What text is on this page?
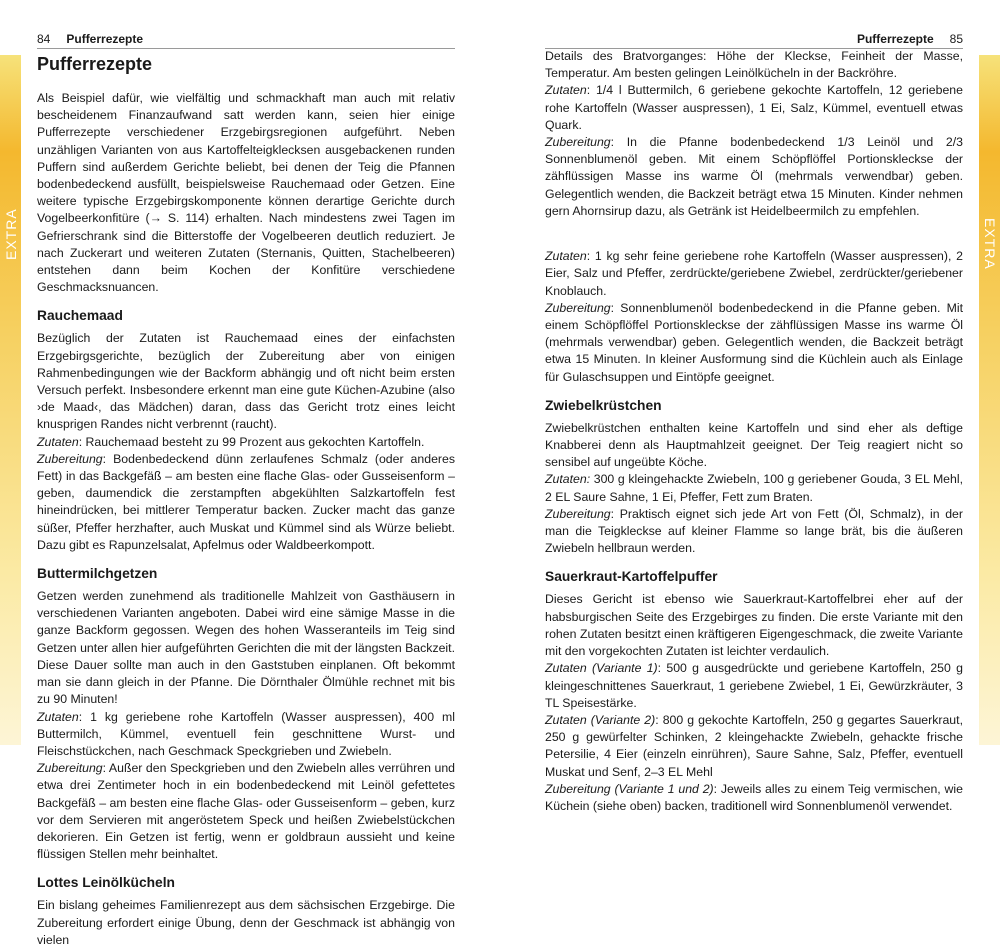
84 Pufferrezepte	Pufferrezepte 85
EXTRA	EXTRA
Pufferrezepte

Als Beispiel dafür, wie vielfältig und schmackhaft man auch mit relativ bescheidenem Finanzaufwand satt werden kann, seien hier einige Pufferrezepte verschiedener Erzgebirgsregionen aufgeführt. Neben unzähligen Varianten von aus Kartoffelteigklecksen ausgebackenen runden Puffern sind außerdem Gerichte beliebt, bei denen der Teig die Pfannen bodenbedeckend ausfüllt, beispielsweise Rauchemaad oder Getzen. Eine weitere typische Erzgebirgskomponente können derartige Gerichte durch Vogelbeerkonfitüre (→ S. 114) erhalten. Nach mindestens zwei Tagen im Gefrierschrank sind die Bitterstoffe der Vogelbeeren deutlich reduziert. Je nach Zuckerart und weiteren Zutaten (Sternanis, Quitten, Stachelbeeren) entstehen dann beim Kochen der Konfitüre verschiedene Geschmacksnuancen.

Rauchemaad

Bezüglich der Zutaten ist Rauchemaad eines der einfachsten Erzgebirgsgerichte, bezüglich der Zubereitung aber von einigen Rahmenbedingungen wie der Backform abhängig und oft nicht beim ersten Versuch perfekt. Insbesondere erkennt man eine gute Küchen-Azubine (also ›de Maad‹, das Mädchen) daran, dass das Gericht trotz eines leicht knusprigen Randes nicht verbrennt (raucht).
Zutaten: Rauchemaad besteht zu 99 Prozent aus gekochten Kartoffeln.
Zubereitung: Bodenbedeckend dünn zerlaufenes Schmalz (oder anderes Fett) in das Backgefäß – am besten eine flache Glas- oder Gusseisenform – geben, daumendick die zerstampften abgekühlten Salzkartoffeln fest hineindrücken, bei mittlerer Temperatur backen. Zucker macht das ganze süßer, Pfeffer herzhafter, auch Muskat und Kümmel sind als Würze beliebt. Dazu gibt es Rapunzelsalat, Apfelmus oder Waldbeerkompott.

Buttermilchgetzen

Getzen werden zunehmend als traditionelle Mahlzeit von Gasthäusern in verschiedenen Varianten angeboten. Dabei wird eine sämige Masse in die ganze Backform gegossen. Wegen des hohen Wasseranteils im Teig sind Getzen unter allen hier aufgeführten Gerichten die mit der längsten Backzeit. Diese Dauer sollte man auch in den Gaststuben einplanen. Oft bekommt man sie dann gleich in der Pfanne. Die Dörnthaler Ölmühle rechnet mit bis zu 90 Minuten!
Zutaten: 1 kg geriebene rohe Kartoffeln (Wasser auspressen), 400 ml Buttermilch, Kümmel, eventuell fein geschnittene Wurst- und Fleischstückchen, nach Geschmack Speckgrieben und Zwiebeln.
Zubereitung: Außer den Speckgrieben und den Zwiebeln alles verrühren und etwa drei Zentimeter hoch in ein bodenbedeckend mit Leinöl gefettetes Backgefäß – am besten eine flache Glas- oder Gusseisenform – geben, kurz vor dem Servieren mit angeröstetem Speck und heißen Zwiebelstückchen dekorieren. Ein Getzen ist fertig, wenn er goldbraun aussieht und keine flüssigen Stellen mehr beinhaltet.

Lottes Leinölkücheln

Ein bislang geheimes Familienrezept aus dem sächsischen Erzgebirge. Die Zubereitung erfordert einige Übung, denn der Geschmack ist abhängig von vielen

Details des Bratvorganges: Höhe der Kleckse, Feinheit der Masse, Temperatur. Am besten gelingen Leinölkücheln in der Backröhre.
Zutaten: 1/4 l Buttermilch, 6 geriebene gekochte Kartoffeln, 12 geriebene rohe Kartoffeln (Wasser auspressen), 1 Ei, Salz, Kümmel, eventuell etwas Quark.
Zubereitung: In die Pfanne bodenbedeckend 1/3 Leinöl und 2/3 Sonnenblumenöl geben. Mit einem Schöpflöffel Portionskleckse der zähflüssigen Masse ins warme Öl (mehrmals verwendbar) geben. Gelegentlich wenden, die Backzeit beträgt etwa 15 Minuten. Kinder nehmen gern Ahornsirup dazu, als Getränk ist Heidelbeermilch zu empfehlen.

Zutaten: 1 kg sehr feine geriebene rohe Kartoffeln (Wasser auspressen), 2 Eier, Salz und Pfeffer, zerdrückte/geriebene Zwiebel, zerdrückter/geriebener Knoblauch.
Zubereitung: Sonnenblumenöl bodenbedeckend in die Pfanne geben. Mit einem Schöpflöffel Portionskleckse der zähflüssigen Masse ins warme Öl (mehrmals verwendbar) geben. Gelegentlich wenden, die Backzeit beträgt etwa 15 Minuten. In kleiner Ausformung sind die Küchlein auch als Einlage für Gulaschsuppen und Eintöpfe geeignet.

Zwiebelkrüstchen

Zwiebelkrüstchen enthalten keine Kartoffeln und sind eher als deftige Knabberei denn als Hauptmahlzeit geeignet. Der Teig reagiert nicht so sensibel auf ungeübte Köche.
Zutaten: 300 g kleingehackte Zwiebeln, 100 g geriebener Gouda, 3 EL Mehl, 2 EL Saure Sahne, 1 Ei, Pfeffer, Fett zum Braten.
Zubereitung: Praktisch eignet sich jede Art von Fett (Öl, Schmalz), in der man die Teigkleckse auf kleiner Flamme so lange brät, bis die äußeren Zwiebeln hellbraun werden.

Sauerkraut-Kartoffelpuffer

Dieses Gericht ist ebenso wie Sauerkraut-Kartoffelbrei eher auf der habsburgischen Seite des Erzgebirges zu finden. Die erste Variante mit den rohen Zutaten besitzt einen kräftigeren Eigengeschmack, die zweite Variante mit den vorgekochten Zutaten ist leichter verdaulich.
Zutaten (Variante 1): 500 g ausgedrückte und geriebene Kartoffeln, 250 g kleingeschnittenes Sauerkraut, 1 geriebene Zwiebel, 1 Ei, Gewürzkräuter, 3 TL Speisestärke.
Zutaten (Variante 2): 800 g gekochte Kartoffeln, 250 g gegartes Sauerkraut, 250 g gewürfelter Schinken, 2 kleingehackte Zwiebeln, gehackte frische Petersilie, 4 Eier (einzeln einrühren), Saure Sahne, Salz, Pfeffer, eventuell Muskat und Senf, 2–3 EL Mehl
Zubereitung (Variante 1 und 2): Jeweils alles zu einem Teig vermischen, wie Küchein (siehe oben) backen, traditionell wird Sonnenblumenöl verwendet.
